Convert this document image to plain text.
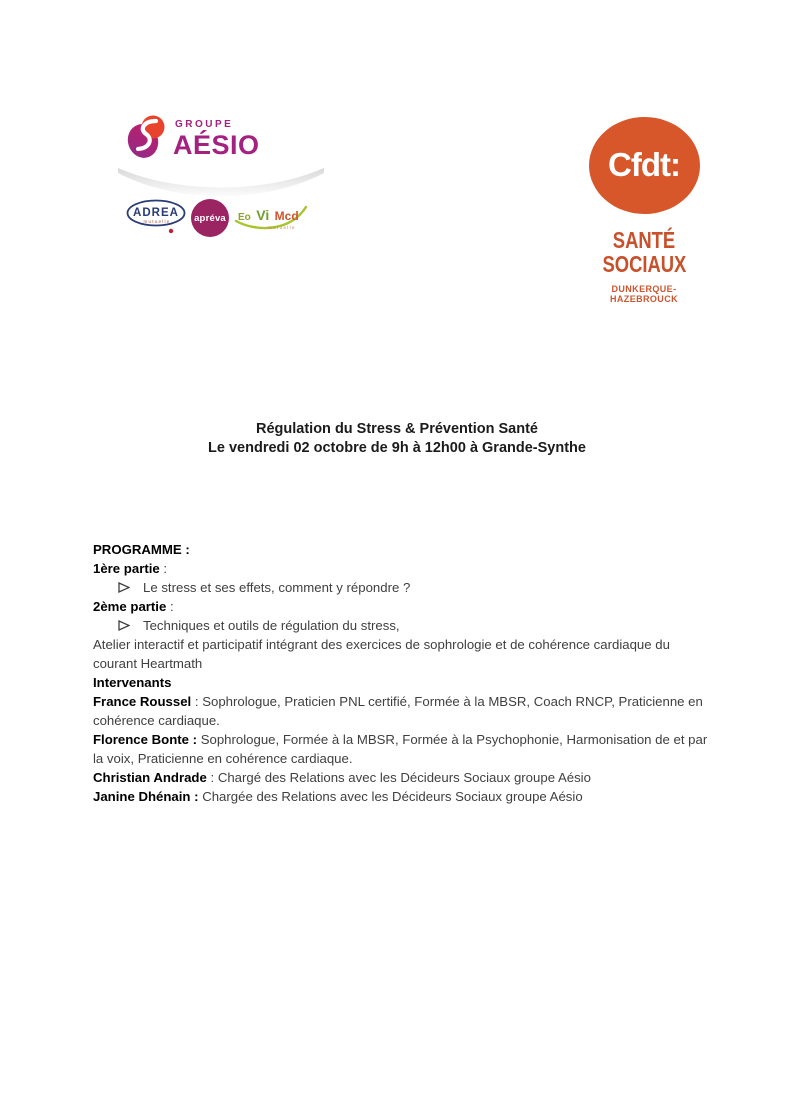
GROUPE
AÉSIO
ADREA
mutuelle apréva Eo Vi Mcd
mutuelle
Cfdt:
SANTÉ
SOCIAUX
DUNKERQUE-HAZEBROUCK
Régulation du Stress & Prévention Santé
Le vendredi 02 octobre de 9h à 12h00 à Grande-Synthe

PROGRAMME :

1ère partie :

Le stress et ses effets, comment y répondre ?

2ème partie :

Techniques et outils de régulation du stress,

Atelier interactif et participatif intégrant des exercices de sophrologie et de cohérence cardiaque du courant Heartmath

Intervenants

France Roussel : Sophrologue, Praticien PNL certifié, Formée à la MBSR, Coach RNCP, Praticienne en cohérence cardiaque.

Florence Bonte : Sophrologue, Formée à la MBSR, Formée à la Psychophonie, Harmonisation de et par la voix, Praticienne en cohérence cardiaque.

Christian Andrade : Chargé des Relations avec les Décideurs Sociaux groupe Aésio

Janine Dhénain : Chargée des Relations avec les Décideurs Sociaux groupe Aésio
